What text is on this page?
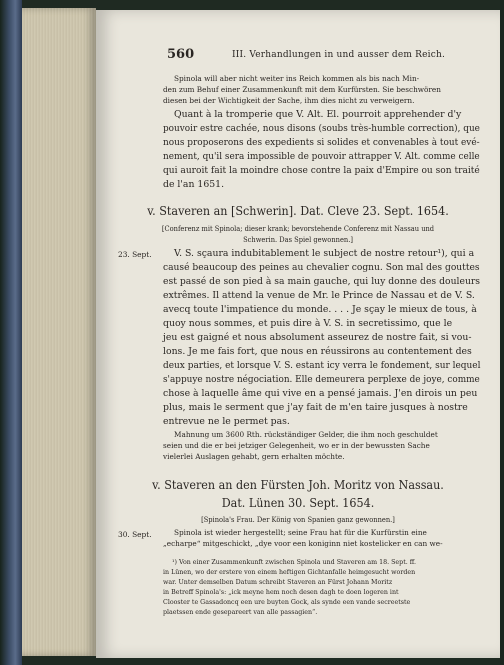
560	III. Verhandlungen in und ausser dem Reich.
Spinola will aber nicht weiter ins Reich kommen als bis nach Min-
den zum Behuf einer Zusammenkunft mit dem Kurfürsten. Sie beschwören
diesen bei der Wichtigkeit der Sache, ihm dies nicht zu verweigern.
Quant à la tromperie que V. Alt. El. pourroit apprehender d'y
pouvoir estre cachée, nous disons (soubs très-humble correction), que
nous proposerons des expedients si solides et convenables à tout evé-
nement, qu'il sera impossible de pouvoir attrapper V. Alt. comme celle
qui auroit fait la moindre chose contre la paix d'Empire ou son traité
de l'an 1651.
v. Staveren an [Schwerin]. Dat. Cleve 23. Sept. 1654.
[Conferenz mit Spinola; dieser krank; bevorstehende Conferenz mit Nassau und
Schwerin. Das Spiel gewonnen.]
V. S. sçaura indubitablement le subject de nostre retour¹), qui a
causé beaucoup des peines au chevalier cognu. Son mal des gouttes
est passé de son pied à sa main gauche, qui luy donne des douleurs
extrêmes. Il attend la venue de Mr. le Prince de Nassau et de V. S.
avecq toute l'impatience du monde. . . . Je sçay le mieux de tous, à
quoy nous sommes, et puis dire à V. S. in secretissimo, que le
jeu est gaigné et nous absolument asseurez de nostre fait, si vou-
lons. Je me fais fort, que nous en réussirons au contentement des
deux parties, et lorsque V. S. estant icy verra le fondement, sur lequel
s'appuye nostre négociation. Elle demeurera perplexe de joye, comme
chose à laquelle âme qui vive en a pensé jamais. J'en dirois un peu
plus, mais le serment que j'ay fait de m'en taire jusques à nostre
entrevue ne le permet pas.
Mahnung um 3600 Rth. rückständiger Gelder, die ihm noch geschuldet
seien und die er bei jetziger Gelegenheit, wo er in der bewussten Sache
vielerlei Auslagen gehabt, gern erhalten möchte.
v. Staveren an den Fürsten Joh. Moritz von Nassau.
Dat. Lünen 30. Sept. 1654.
[Spinola's Frau. Der König von Spanien ganz gewonnen.]
Spinola ist wieder hergestellt; seine Frau hat für die Kurfürstin eine
„echarpe“ mitgeschickt, „dye voor een koniginn niet kostelicker en can we-
¹) Von einer Zusammenkunft zwischen Spinola und Staveren am 18. Sept. ff.
in Lünen, wo der erstere von einem heftigen Gichtanfalle heimgesucht worden
war. Unter demselben Datum schreibt Staveren an Fürst Johann Moritz
in Betreff Spinola's: „ick meyne hem noch desen dagh te doen logeren int
Clooster te Gassadoncq een ure buyten Gock, als synde een vande secreetste
plaetssen ende gesepareert van alle passagien“.
23. Sept.
30. Sept.
